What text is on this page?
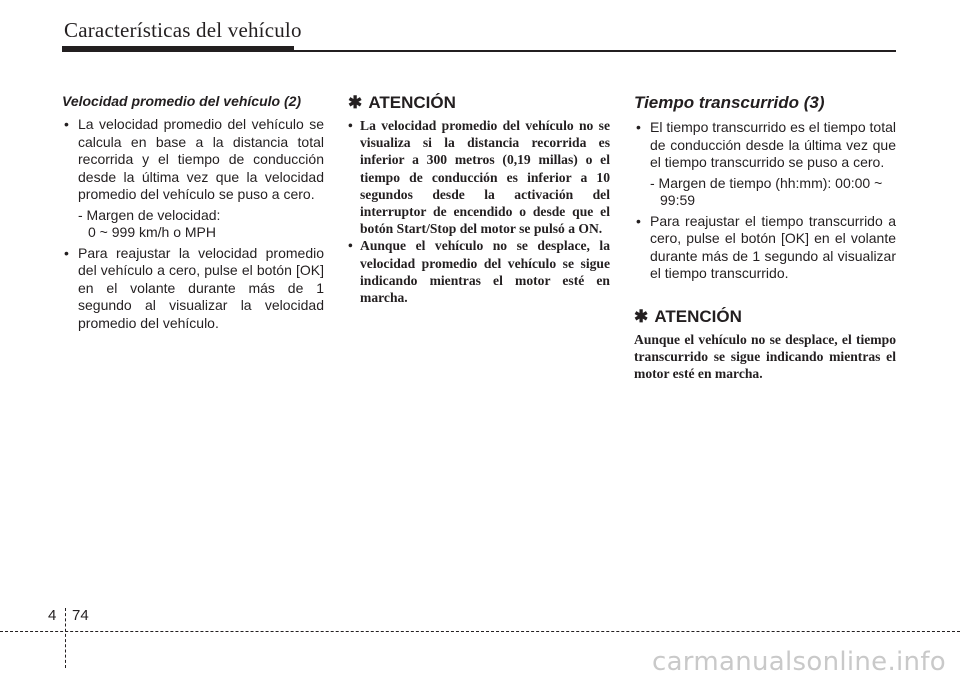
Características del vehículo
Velocidad promedio del vehículo (2)
• La velocidad promedio del vehículo se calcula en base a la distancia total recorrida y el tiempo de conducción desde la última vez que la velocidad promedio del vehículo se puso a cero.
- Margen de velocidad:
0 ~ 999 km/h o MPH
• Para reajustar la velocidad promedio del vehículo a cero, pulse el botón [OK] en el volante durante más de 1 segundo al visualizar la velocidad promedio del vehículo.
✱ ATENCIÓN
• La velocidad promedio del vehículo no se visualiza si la distancia recorrida es inferior a 300 metros (0,19 millas) o el tiempo de conducción es inferior a 10 segundos desde la activación del interruptor de encendido o desde que el botón Start/Stop del motor se pulsó a ON.
• Aunque el vehículo no se desplace, la velocidad promedio del vehículo se sigue indicando mientras el motor esté en marcha.
Tiempo transcurrido (3)
• El tiempo transcurrido es el tiempo total de conducción desde la última vez que el tiempo transcurrido se puso a cero.
- Margen de tiempo (hh:mm): 00:00 ~ 99:59
• Para reajustar el tiempo transcurrido a cero, pulse el botón [OK] en el volante durante más de 1 segundo al visualizar el tiempo transcurrido.
✱ ATENCIÓN
Aunque el vehículo no se desplace, el tiempo transcurrido se sigue indicando mientras el motor esté en marcha.
4 74
carmanualsonline.info
